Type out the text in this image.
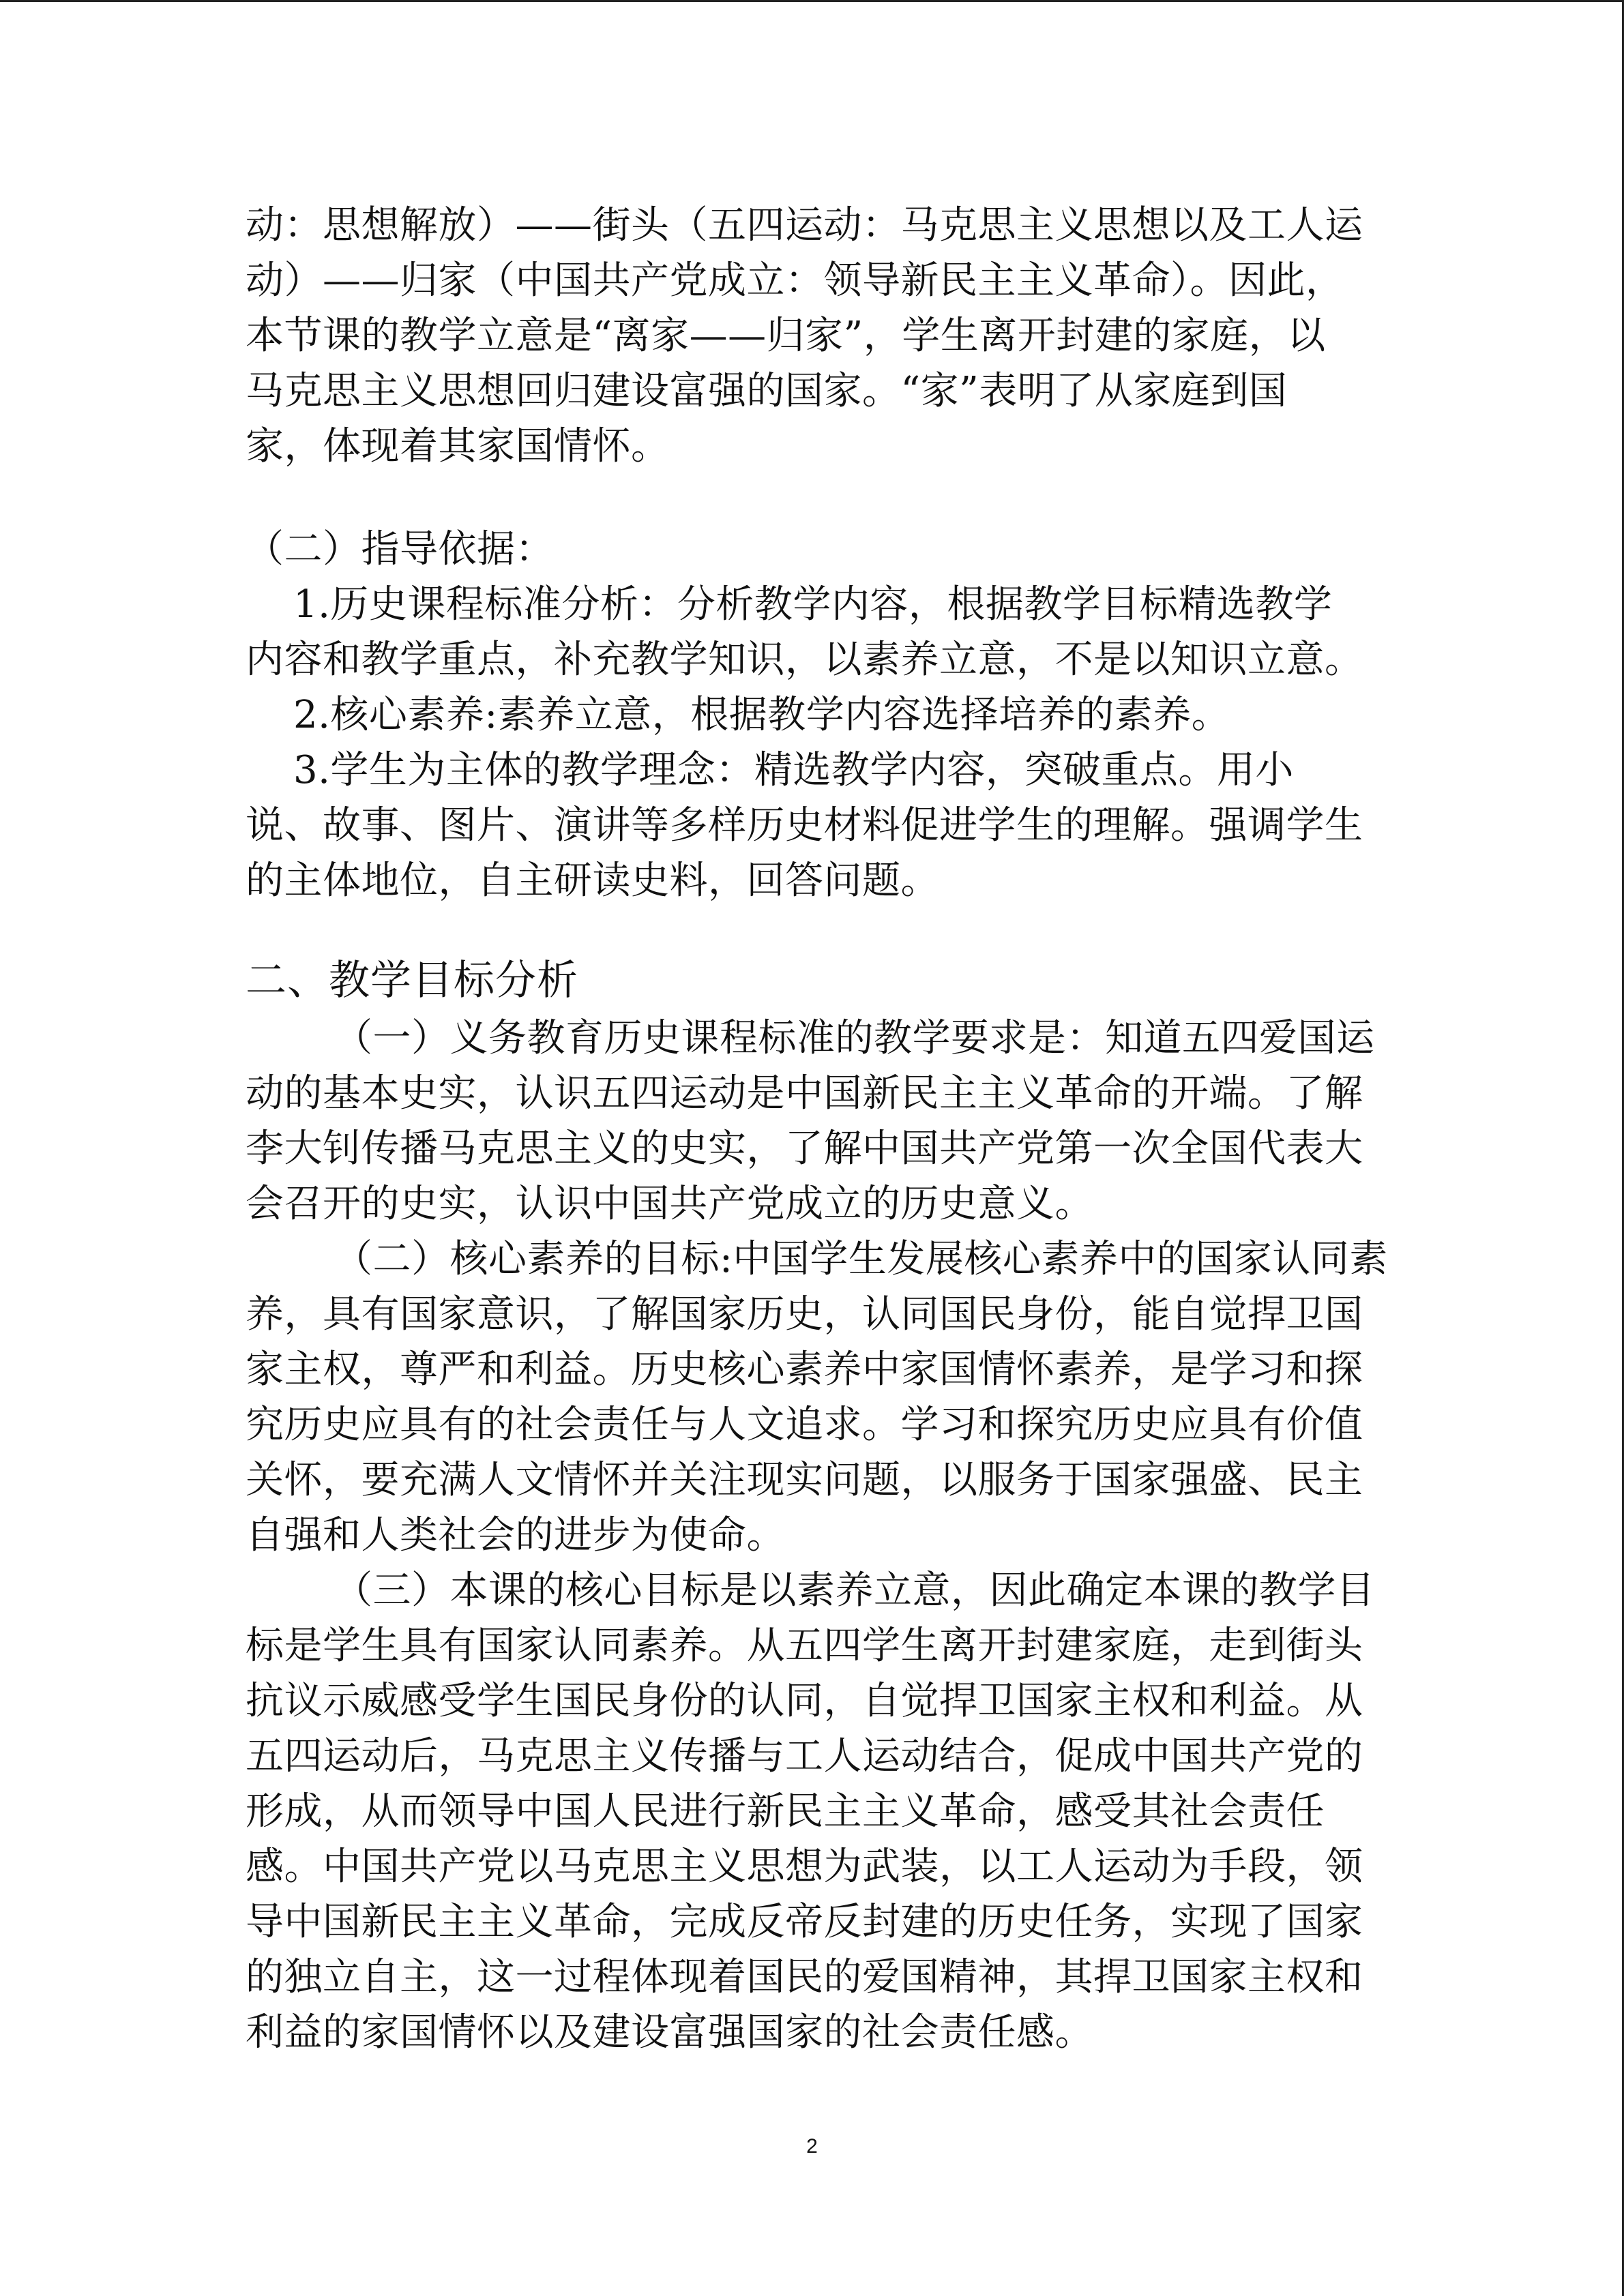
动：思想解放）——街头（五四运动：马克思主义思想以及工人运
动）——归家（中国共产党成立：领导新民主主义革命）。因此，
本节课的教学立意是“离家——归家”，学生离开封建的家庭，以
马克思主义思想回归建设富强的国家。“家”表明了从家庭到国
家，体现着其家国情怀。
（二）指导依据：
1.历史课程标准分析：分析教学内容，根据教学目标精选教学
内容和教学重点，补充教学知识，以素养立意，不是以知识立意。
2.核心素养:素养立意，根据教学内容选择培养的素养。
3.学生为主体的教学理念：精选教学内容，突破重点。用小
说、故事、图片、演讲等多样历史材料促进学生的理解。强调学生
的主体地位，自主研读史料，回答问题。
二、教学目标分析
（一）义务教育历史课程标准的教学要求是：知道五四爱国运
动的基本史实，认识五四运动是中国新民主主义革命的开端。了解
李大钊传播马克思主义的史实，了解中国共产党第一次全国代表大
会召开的史实，认识中国共产党成立的历史意义。
（二）核心素养的目标:中国学生发展核心素养中的国家认同素
养，具有国家意识，了解国家历史，认同国民身份，能自觉捍卫国
家主权，尊严和利益。历史核心素养中家国情怀素养，是学习和探
究历史应具有的社会责任与人文追求。学习和探究历史应具有价值
关怀，要充满人文情怀并关注现实问题，以服务于国家强盛、民主
自强和人类社会的进步为使命。
（三）本课的核心目标是以素养立意，因此确定本课的教学目
标是学生具有国家认同素养。从五四学生离开封建家庭，走到街头
抗议示威感受学生国民身份的认同，自觉捍卫国家主权和利益。从
五四运动后，马克思主义传播与工人运动结合，促成中国共产党的
形成，从而领导中国人民进行新民主主义革命，感受其社会责任
感。中国共产党以马克思主义思想为武装，以工人运动为手段，领
导中国新民主主义革命，完成反帝反封建的历史任务，实现了国家
的独立自主，这一过程体现着国民的爱国精神，其捍卫国家主权和
利益的家国情怀以及建设富强国家的社会责任感。
2
